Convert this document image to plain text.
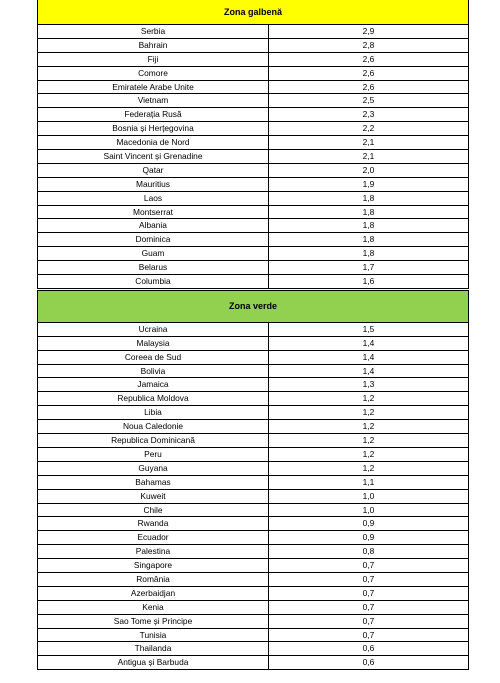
Zona galbenă
Serbia	2,9
Bahrain	2,8
Fiji	2,6
Comore	2,6
Emiratele Arabe Unite	2,6
Vietnam	2,5
Federația Rusă	2,3
Bosnia și Herțegovina	2,2
Macedonia de Nord	2,1
Saint Vincent și Grenadine	2,1
Qatar	2,0
Mauritius	1,9
Laos	1,8
Montserrat	1,8
Albania	1,8
Dominica	1,8
Guam	1,8
Belarus	1,7
Columbia	1,6
Zona verde
Ucraina	1,5
Malaysia	1,4
Coreea de Sud	1,4
Bolivia	1,4
Jamaica	1,3
Republica Moldova	1,2
Libia	1,2
Noua Caledonie	1,2
Republica Dominicană	1,2
Peru	1,2
Guyana	1,2
Bahamas	1,1
Kuweit	1,0
Chile	1,0
Rwanda	0,9
Ecuador	0,9
Palestina	0,8
Singapore	0,7
România	0,7
Azerbaidjan	0,7
Kenia	0,7
Sao Tome și Principe	0,7
Tunisia	0,7
Thailanda	0,6
Antigua și Barbuda	0,6
